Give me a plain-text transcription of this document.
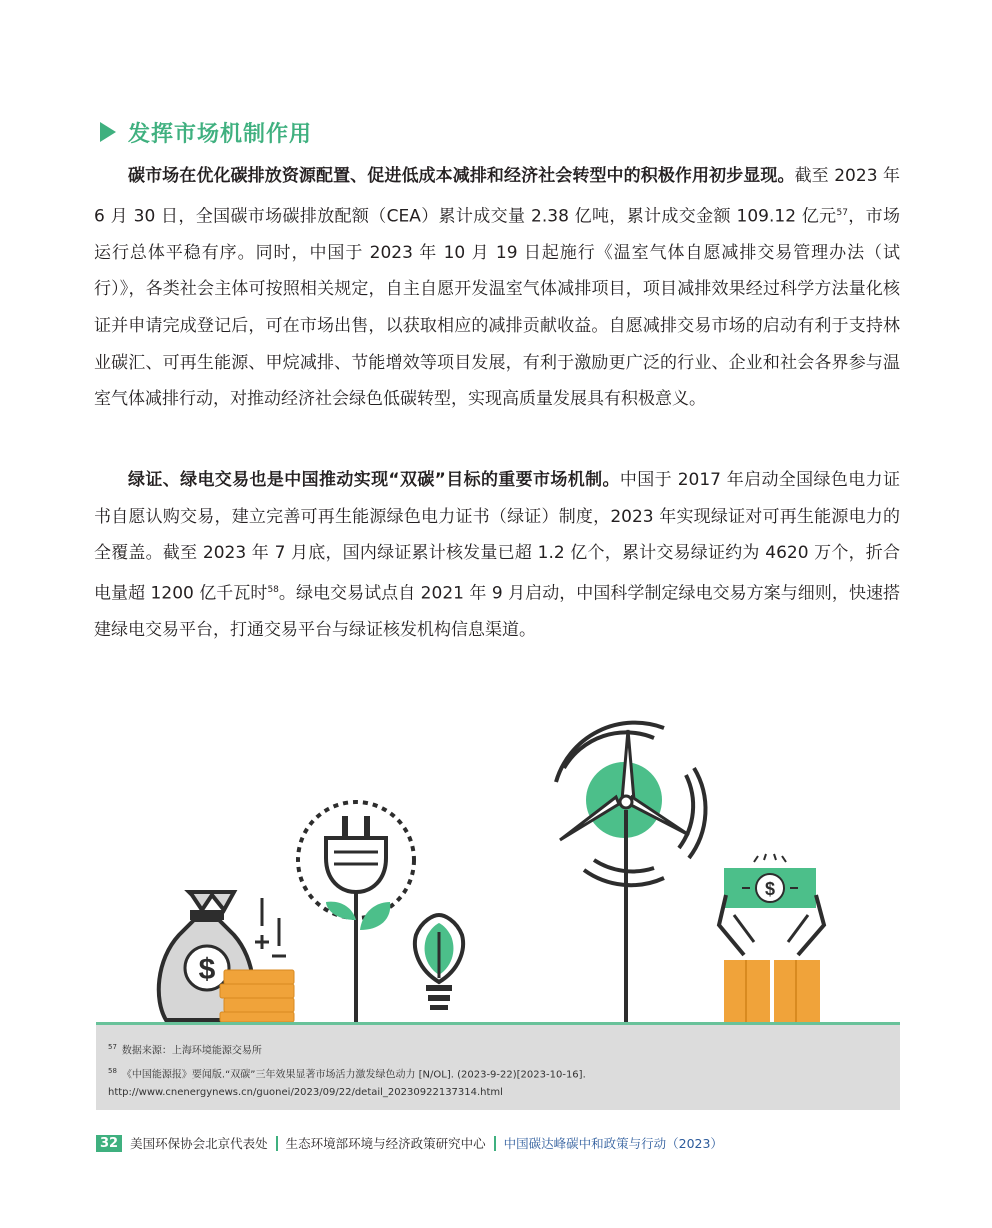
发挥市场机制作用

碳市场在优化碳排放资源配置、促进低成本减排和经济社会转型中的积极作用初步显现。截至 2023 年 6 月 30 日，全国碳市场碳排放配额（CEA）累计成交量 2.38 亿吨，累计成交金额 109.12 亿元$^{57}$，市场运行总体平稳有序。同时，中国于 2023 年 10 月 19 日起施行《温室气体自愿减排交易管理办法（试行）》，各类社会主体可按照相关规定，自主自愿开发温室气体减排项目，项目减排效果经过科学方法量化核证并申请完成登记后，可在市场出售，以获取相应的减排贡献收益。自愿减排交易市场的启动有利于支持林业碳汇、可再生能源、甲烷减排、节能增效等项目发展，有利于激励更广泛的行业、企业和社会各界参与温室气体减排行动，对推动经济社会绿色低碳转型，实现高质量发展具有积极意义。

绿证、绿电交易也是中国推动实现“双碳”目标的重要市场机制。中国于 2017 年启动全国绿色电力证书自愿认购交易，建立完善可再生能源绿色电力证书（绿证）制度，2023 年实现绿证对可再生能源电力的全覆盖。截至 2023 年 7 月底，国内绿证累计核发量已超 1.2 亿个，累计交易绿证约为 4620 万个，折合电量超 1200 亿千瓦时$^{58}$。绿电交易试点自 2021 年 9 月启动，中国科学制定绿电交易方案与细则，快速搭建绿电交易平台，打通交易平台与绿证核发机构信息渠道。

$
$

$^{57}$ 数据来源：上海环境能源交易所

$^{58}$ 《中国能源报》要闻版.“双碳”三年效果显著市场活力激发绿色动力 [N/OL]. (2023-9-22)[2023-10-16]. http://www.cnenergynews.cn/guonei/2023/09/22/detail_20230922137314.html

32 美国环保协会北京代表处 生态环境部环境与经济政策研究中心 中国碳达峰碳中和政策与行动（2023）
